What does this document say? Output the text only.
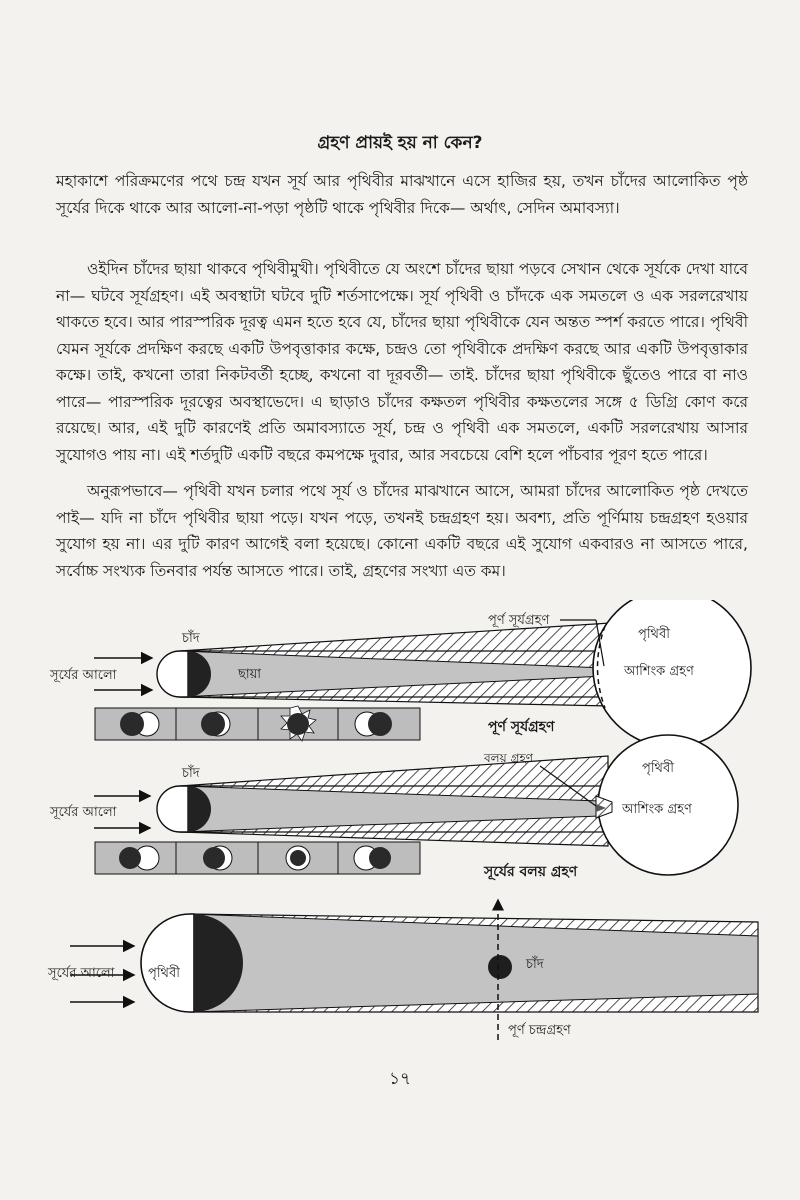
গ্রহণ প্রায়ই হয় না কেন?

মহাকাশে পরিক্রমণের পথে চন্দ্র যখন সূর্য আর পৃথিবীর মাঝখানে এসে হাজির হয়, তখন চাঁদের আলোকিত পৃষ্ঠ সূর্যের দিকে থাকে আর আলো-না-পড়া পৃষ্ঠটি থাকে পৃথিবীর দিকে— অর্থাৎ, সেদিন অমাবস্যা।

ওইদিন চাঁদের ছায়া থাকবে পৃথিবীমুখী। পৃথিবীতে যে অংশে চাঁদের ছায়া পড়বে সেখান থেকে সূর্যকে দেখা যাবে না— ঘটবে সূর্যগ্রহণ। এই অবস্থাটা ঘটবে দুটি শর্তসাপেক্ষে। সূর্য পৃথিবী ও চাঁদকে এক সমতলে ও এক সরলরেখায় থাকতে হবে। আর পারস্পরিক দূরত্ব এমন হতে হবে যে, চাঁদের ছায়া পৃথিবীকে যেন অন্তত স্পর্শ করতে পারে। পৃথিবী যেমন সূর্যকে প্রদক্ষিণ করছে একটি উপবৃত্তাকার কক্ষে, চন্দ্রও তো পৃথিবীকে প্রদক্ষিণ করছে আর একটি উপবৃত্তাকার কক্ষে। তাই, কখনো তারা নিকটবর্তী হচ্ছে, কখনো বা দূরবর্তী— তাই. চাঁদের ছায়া পৃথিবীকে ছুঁতেও পারে বা নাও পারে— পারস্পরিক দূরত্বের অবস্থাভেদে। এ ছাড়াও চাঁদের কক্ষতল পৃথিবীর কক্ষতলের সঙ্গে ৫ ডিগ্রি কোণ করে রয়েছে। আর, এই দুটি কারণেই প্রতি অমাবস্যাতে সূর্য, চন্দ্র ও পৃথিবী এক সমতলে, একটি সরলরেখায় আসার সুযোগও পায় না। এই শর্তদুটি একটি বছরে কমপক্ষে দুবার, আর সবচেয়ে বেশি হলে পাঁচবার পূরণ হতে পারে।

অনুরূপভাবে— পৃথিবী যখন চলার পথে সূর্য ও চাঁদের মাঝখানে আসে, আমরা চাঁদের আলোকিত পৃষ্ঠ দেখতে পাই— যদি না চাঁদে পৃথিবীর ছায়া পড়ে। যখন পড়ে, তখনই চন্দ্রগ্রহণ হয়। অবশ্য, প্রতি পূর্ণিমায় চন্দ্রগ্রহণ হওয়ার সুযোগ হয় না। এর দুটি কারণ আগেই বলা হয়েছে। কোনো একটি বছরে এই সুযোগ একবারও না আসতে পারে, সর্বোচ্চ সংখ্যক তিনবার পর্যন্ত আসতে পারে। তাই, গ্রহণের সংখ্যা এত কম।

চাঁদ
সূর্যের আলো	ছায়া
পূর্ণ সূর্যগ্রহণ
পৃথিবী
আশিংক গ্রহণ
পূর্ণ সূর্যগ্রহণ
চাঁদ
সূর্যের আলো
বলয় গ্রহণ
পৃথিবী
আশিংক গ্রহণ
সূর্যের বলয় গ্রহণ
সূর্যের আলো	পৃথিবী
চাঁদ
পূর্ণ চন্দ্রগ্রহণ
১৭
